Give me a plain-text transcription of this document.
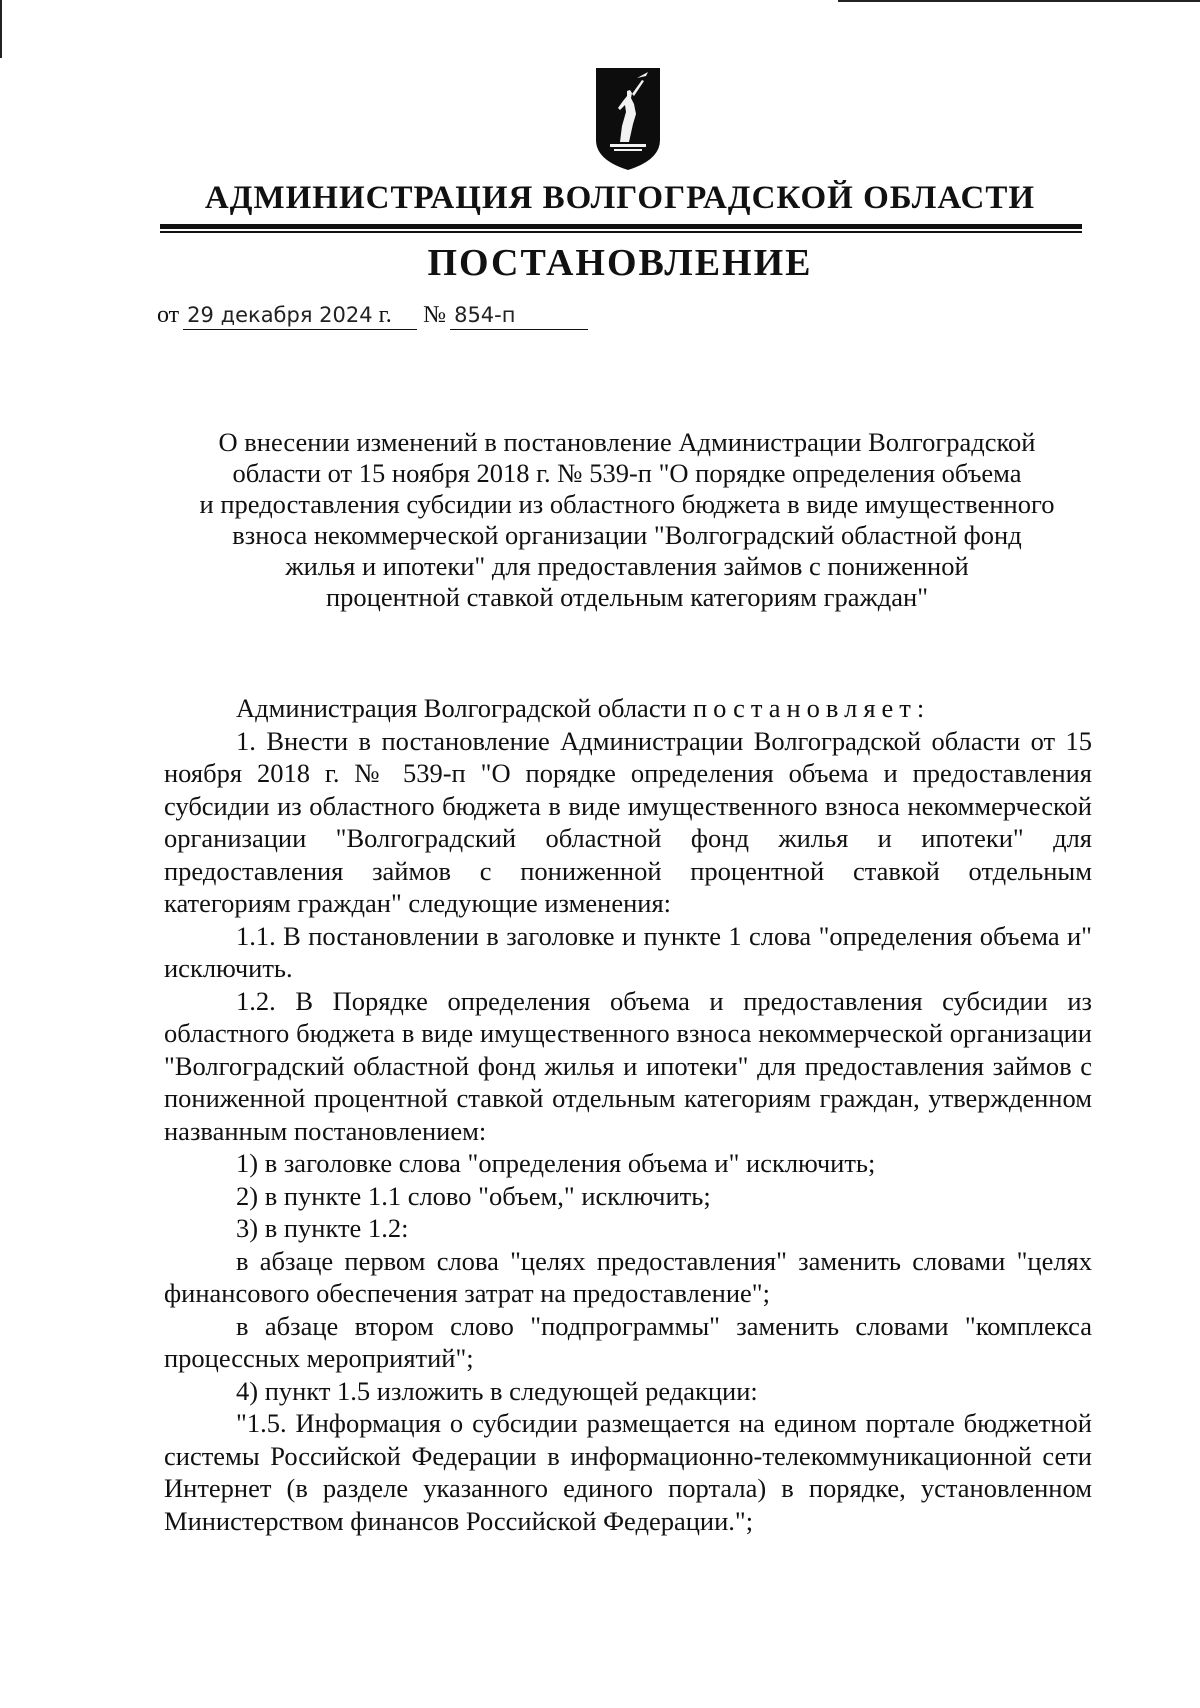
АДМИНИСТРАЦИЯ ВОЛГОГРАДСКОЙ ОБЛАСТИ
ПОСТАНОВЛЕНИЕ
от 29 декабря 2024 г.	№ 854-п
О внесении изменений в постановление Администрации Волгоградской
области от 15 ноября 2018 г. № 539-п "О порядке определения объема
и предоставления субсидии из областного бюджета в виде имущественного
взноса некоммерческой организации "Волгоградский областной фонд
жилья и ипотеки" для предоставления займов с пониженной
процентной ставкой отдельным категориям граждан"

Администрация Волгоградской области постановляет:

1. Внести в постановление Администрации Волгоградской области от 15 ноября 2018 г. № 539-п "О порядке определения объема и предоставления субсидии из областного бюджета в виде имущественного взноса некоммерческой организации "Волгоградский областной фонд жилья и ипотеки" для предоставления займов с пониженной процентной ставкой отдельным категориям граждан" следующие изменения:

1.1. В постановлении в заголовке и пункте 1 слова "определения объема и" исключить.

1.2. В Порядке определения объема и предоставления субсидии из областного бюджета в виде имущественного взноса некоммерческой организации "Волгоградский областной фонд жилья и ипотеки" для предоставления займов с пониженной процентной ставкой отдельным категориям граждан, утвержденном названным постановлением:

1) в заголовке слова "определения объема и" исключить;

2) в пункте 1.1 слово "объем," исключить;

3) в пункте 1.2:

в абзаце первом слова "целях предоставления" заменить словами "целях финансового обеспечения затрат на предоставление";

в абзаце втором слово "подпрограммы" заменить словами "комплекса процессных мероприятий";

4) пункт 1.5 изложить в следующей редакции:

"1.5. Информация о субсидии размещается на едином портале бюджетной системы Российской Федерации в информационно-телекоммуникационной сети Интернет (в разделе указанного единого портала) в порядке, установленном Министерством финансов Российской Федерации.";
